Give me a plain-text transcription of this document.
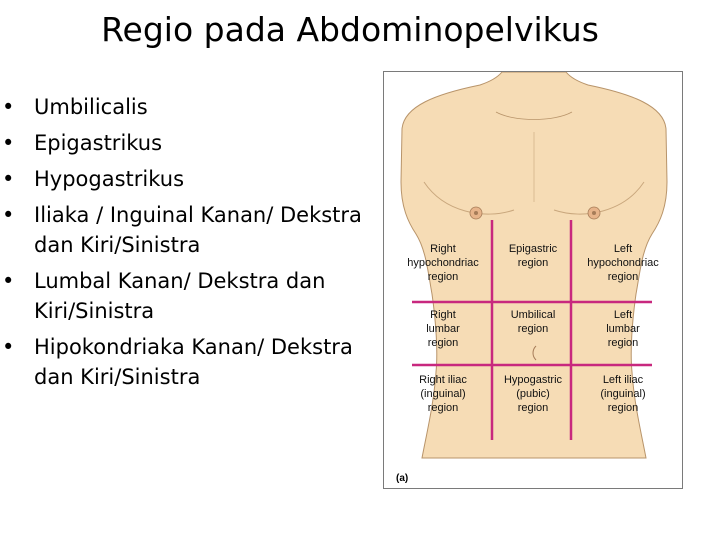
Regio pada Abdominopelvikus
• Umbilicalis
• Epigastrikus
• Hypogastrikus
• Iliaka / Inguinal Kanan/ Dekstra dan Kiri/Sinistra
• Lumbal Kanan/ Dekstra dan Kiri/Sinistra
• Hipokondriaka Kanan/ Dekstra dan Kiri/Sinistra
Right
hypochondriac
region
Epigastric
region
Left
hypochondriac
region
Right
lumbar
region
Umbilical
region
Left
lumbar
region
Right iliac
(inguinal)
region
Hypogastric
(pubic)
region
Left iliac
(inguinal)
region
(a)
